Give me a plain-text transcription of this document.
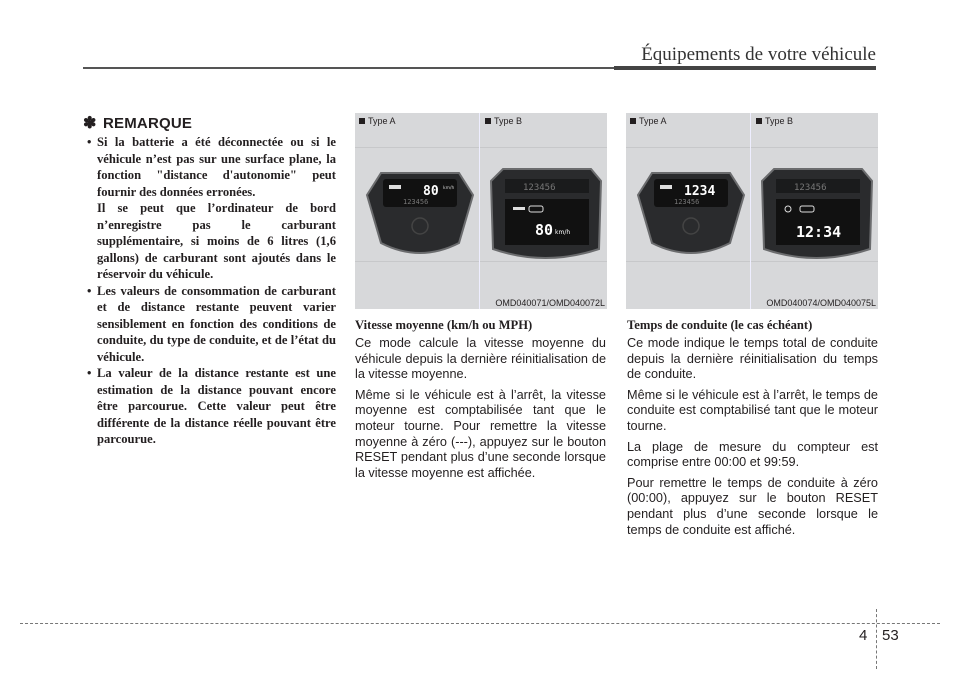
Équipements de votre véhicule
✽ REMARQUE
• Si la batterie a été déconnectée ou si le véhicule n’est pas sur une surface plane, la fonction "distance d'autonomie" peut fournir des données erronées.
Il se peut que l’ordinateur de bord n’enregistre pas le carburant supplémentaire, si moins de 6 litres (1,6 gallons) de carburant sont ajoutés dans le réservoir du véhicule.
• Les valeurs de consommation de carburant et de distance restante peuvent varier sensiblement en fonction des conditions de conduite, du type de conduite, et de l’état du véhicule.
• La valeur de la distance restante est une estimation de la distance pouvant encore être parcourue. Cette valeur peut être différente de la distance réelle pouvant être parcourue.
Type A	Type B
80 km/h
123456
123456
80 km/h
OMD040071/OMD040072L
Type A	Type B
1234
123456
123456
12:34
OMD040074/OMD040075L
Vitesse moyenne (km/h ou MPH)

Ce mode calcule la vitesse moyenne du véhicule depuis la dernière réinitialisation de la vitesse moyenne.

Même si le véhicule est à l’arrêt, la vitesse moyenne est comptabilisée tant que le moteur tourne. Pour remettre la vitesse moyenne à zéro (---), appuyez sur le bouton RESET pendant plus d’une seconde lorsque la vitesse moyenne est affichée.

Temps de conduite (le cas échéant)

Ce mode indique le temps total de conduite depuis la dernière réinitialisation du temps de conduite.

Même si le véhicule est à l’arrêt, le temps de conduite est comptabilisé tant que le moteur tourne.

La plage de mesure du compteur est comprise entre 00:00 et 99:59.

Pour remettre le temps de conduite à zéro (00:00), appuyez sur le bouton RESET pendant plus d’une seconde lorsque le temps de conduite est affiché.

4 53
